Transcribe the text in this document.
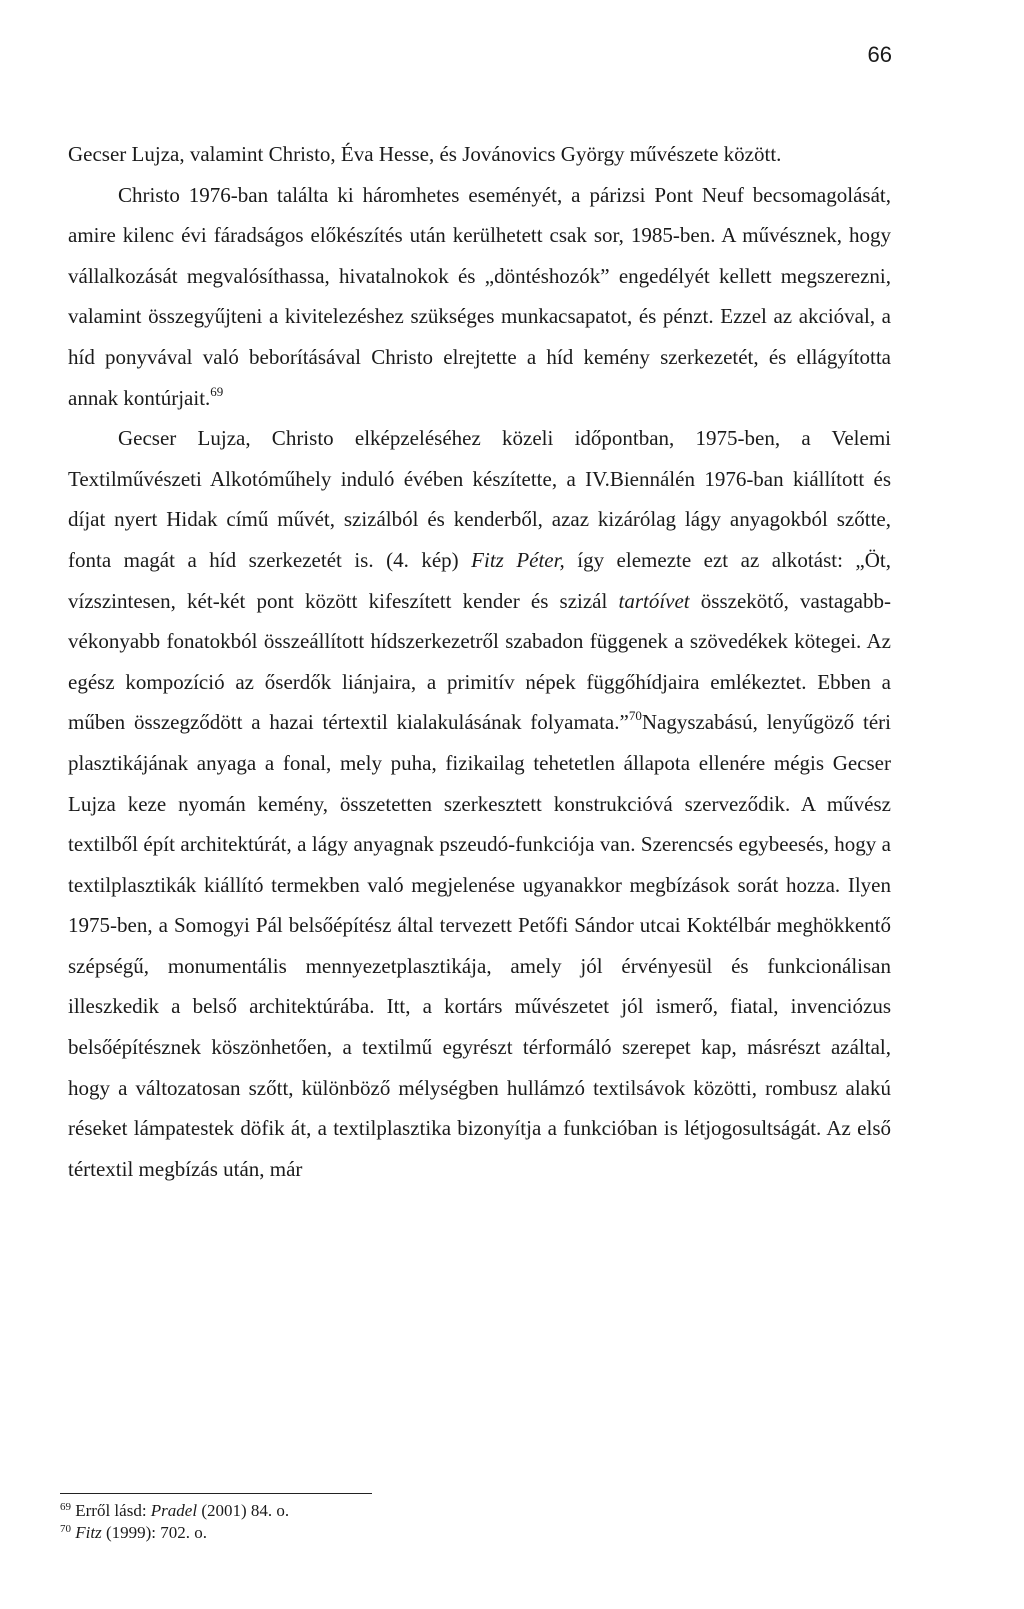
66

Gecser Lujza, valamint Christo, Éva Hesse, és Jovánovics György művészete között.

Christo 1976-ban találta ki háromhetes eseményét, a párizsi Pont Neuf becsomagolását, amire kilenc évi fáradságos előkészítés után kerülhetett csak sor, 1985-ben. A művésznek, hogy vállalkozását megvalósíthassa, hivatalnokok és „döntéshozók” engedélyét kellett megszerezni, valamint összegyűjteni a kivitelezéshez szükséges munkacsapatot, és pénzt. Ezzel az akcióval, a híd ponyvával való beborításával Christo elrejtette a híd kemény szerkezetét, és ellágyította annak kontúrjait.$^{69}$

Gecser Lujza, Christo elképzeléséhez közeli időpontban, 1975-ben, a Velemi Textilművészeti Alkotóműhely induló évében készítette, a IV.Biennálén 1976-ban kiállított és díjat nyert Hidak című művét, szizálból és kenderből, azaz kizárólag lágy anyagokból szőtte, fonta magát a híd szerkezetét is. (4. kép) Fitz Péter, így elemezte ezt az alkotást: „Öt, vízszintesen, két-két pont között kifeszített kender és szizál tartóívet összekötő, vastagabb-vékonyabb fonatokból összeállított hídszerkezetről szabadon függenek a szövedékek kötegei. Az egész kompozíció az őserdők liánjaira, a primitív népek függőhídjaira emlékeztet. Ebben a műben összegződött a hazai tértextil kialakulásának folyamata.”$^{70}$Nagyszabású, lenyűgöző téri plasztikájának anyaga a fonal, mely puha, fizikailag tehetetlen állapota ellenére mégis Gecser Lujza keze nyomán kemény, összetetten szerkesztett konstrukcióvá szerveződik. A művész textilből épít architektúrát, a lágy anyagnak pszeudó-funkciója van. Szerencsés egybeesés, hogy a textilplasztikák kiállító termekben való megjelenése ugyanakkor megbízások sorát hozza. Ilyen 1975-ben, a Somogyi Pál belsőépítész által tervezett Petőfi Sándor utcai Koktélbár meghökkentő szépségű, monumentális mennyezetplasztikája, amely jól érvényesül és funkcionálisan illeszkedik a belső architektúrába. Itt, a kortárs művészetet jól ismerő, fiatal, invenciózus belsőépítésznek köszönhetően, a textilmű egyrészt térformáló szerepet kap, másrészt azáltal, hogy a változatosan szőtt, különböző mélységben hullámzó textilsávok közötti, rombusz alakú réseket lámpatestek döfik át, a textilplasztika bizonyítja a funkcióban is létjogosultságát. Az első tértextil megbízás után, már

$^{69}$ Erről lásd: Pradel (2001) 84. o.
$^{70}$ Fitz (1999): 702. o.
